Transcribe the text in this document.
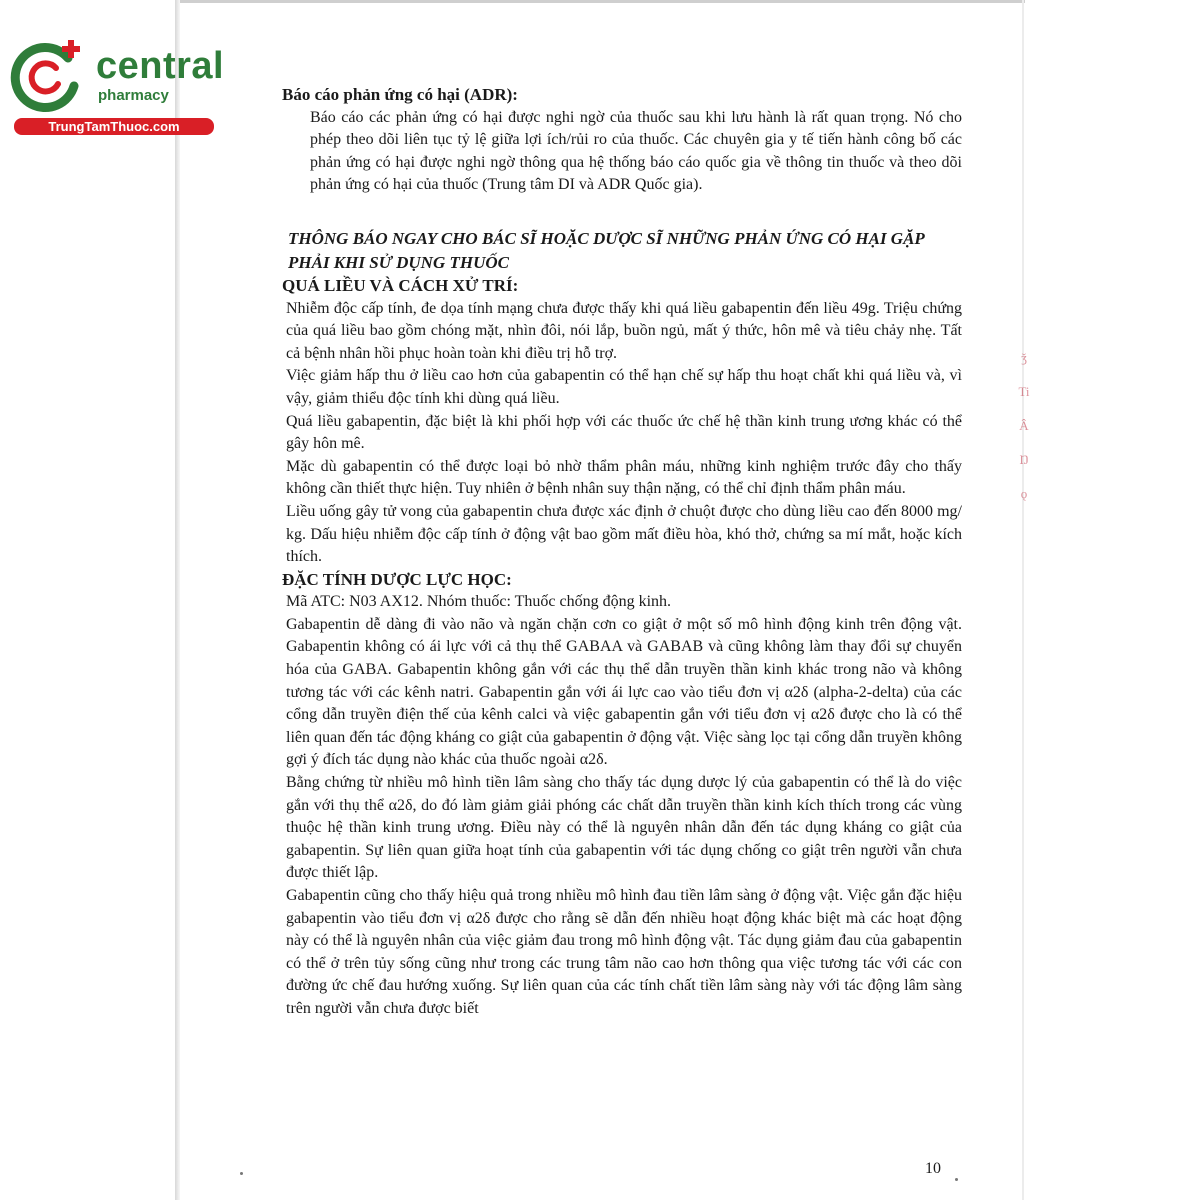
central
pharmacy
TrungTamThuoc.com

Báo cáo phản ứng có hại (ADR):

Báo cáo các phản ứng có hại được nghi ngờ của thuốc sau khi lưu hành là rất quan trọng. Nó cho phép theo dõi liên tục tỷ lệ giữa lợi ích/rủi ro của thuốc. Các chuyên gia y tế tiến hành công bố các phản ứng có hại được nghi ngờ thông qua hệ thống báo cáo quốc gia về thông tin thuốc và theo dõi phản ứng có hại của thuốc (Trung tâm DI và ADR Quốc gia).

THÔNG BÁO NGAY CHO BÁC SĨ HOẶC DƯỢC SĨ NHỮNG PHẢN ỨNG CÓ HẠI GẶP
PHẢI KHI SỬ DỤNG THUỐC

QUÁ LIỀU VÀ CÁCH XỬ TRÍ:

Nhiễm độc cấp tính, đe dọa tính mạng chưa được thấy khi quá liều gabapentin đến liều 49g. Triệu chứng của quá liều bao gồm chóng mặt, nhìn đôi, nói lắp, buồn ngủ, mất ý thức, hôn mê và tiêu chảy nhẹ. Tất cả bệnh nhân hồi phục hoàn toàn khi điều trị hỗ trợ.

Việc giảm hấp thu ở liều cao hơn của gabapentin có thể hạn chế sự hấp thu hoạt chất khi quá liều và, vì vậy, giảm thiểu độc tính khi dùng quá liều.

Quá liều gabapentin, đặc biệt là khi phối hợp với các thuốc ức chế hệ thần kinh trung ương khác có thể gây hôn mê.

Mặc dù gabapentin có thể được loại bỏ nhờ thẩm phân máu, những kinh nghiệm trước đây cho thấy không cần thiết thực hiện. Tuy nhiên ở bệnh nhân suy thận nặng, có thể chỉ định thẩm phân máu.

Liều uống gây tử vong của gabapentin chưa được xác định ở chuột được cho dùng liều cao đến 8000 mg/ kg. Dấu hiệu nhiễm độc cấp tính ở động vật bao gồm mất điều hòa, khó thở, chứng sa mí mắt, hoặc kích thích.

ĐẶC TÍNH DƯỢC LỰC HỌC:

Mã ATC: N03 AX12. Nhóm thuốc: Thuốc chống động kinh.

Gabapentin dễ dàng đi vào não và ngăn chặn cơn co giật ở một số mô hình động kinh trên động vật. Gabapentin không có ái lực với cả thụ thể GABAA và GABAB và cũng không làm thay đổi sự chuyển hóa của GABA. Gabapentin không gắn với các thụ thể dẫn truyền thần kinh khác trong não và không tương tác với các kênh natri. Gabapentin gắn với ái lực cao vào tiểu đơn vị α2δ (alpha-2-delta) của các cổng dẫn truyền điện thế của kênh calci và việc gabapentin gắn với tiểu đơn vị α2δ được cho là có thể liên quan đến tác động kháng co giật của gabapentin ở động vật. Việc sàng lọc tại cổng dẫn truyền không gợi ý đích tác dụng nào khác của thuốc ngoài α2δ.

Bằng chứng từ nhiều mô hình tiền lâm sàng cho thấy tác dụng dược lý của gabapentin có thể là do việc gắn với thụ thể α2δ, do đó làm giảm giải phóng các chất dẫn truyền thần kinh kích thích trong các vùng thuộc hệ thần kinh trung ương. Điều này có thể là nguyên nhân dẫn đến tác dụng kháng co giật của gabapentin. Sự liên quan giữa hoạt tính của gabapentin với tác dụng chống co giật trên người vẫn chưa được thiết lập.

Gabapentin cũng cho thấy hiệu quả trong nhiều mô hình đau tiền lâm sàng ở động vật. Việc gắn đặc hiệu gabapentin vào tiểu đơn vị α2δ được cho rằng sẽ dẫn đến nhiều hoạt động khác biệt mà các hoạt động này có thể là nguyên nhân của việc giảm đau trong mô hình động vật. Tác dụng giảm đau của gabapentin có thể ở trên tủy sống cũng như trong các trung tâm não cao hơn thông qua việc tương tác với các con đường ức chế đau hướng xuống. Sự liên quan của các tính chất tiền lâm sàng này với tác động lâm sàng trên người vẫn chưa được biết

ǯ
Ti
Â
Ŋ
ǫ
10
